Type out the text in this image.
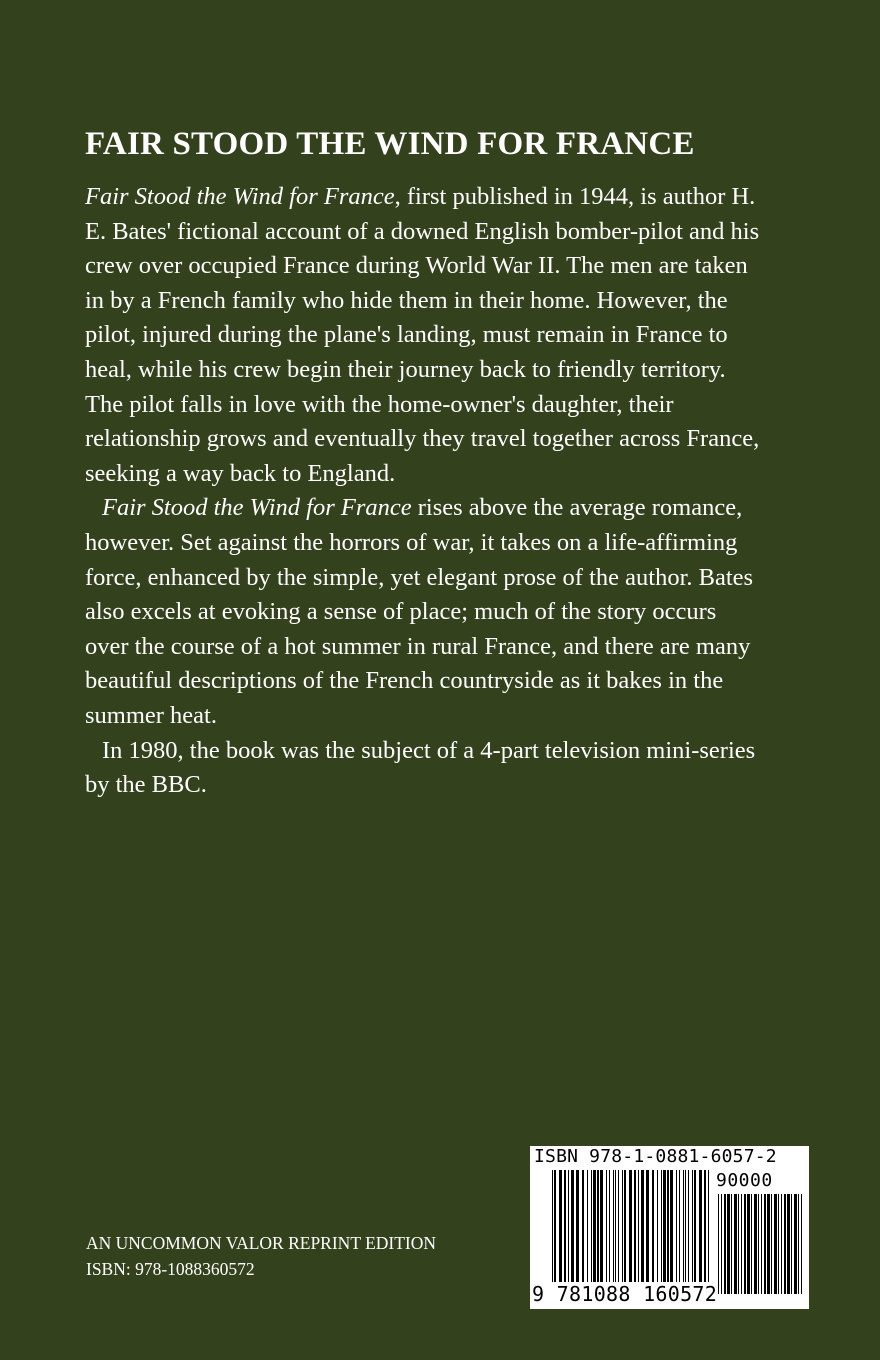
FAIR STOOD THE WIND FOR FRANCE

Fair Stood the Wind for France, first published in 1944, is author H. E. Bates' fictional account of a downed English bomber-pilot and his crew over occupied France during World War II. The men are taken in by a French family who hide them in their home. However, the pilot, injured during the plane's landing, must remain in France to heal, while his crew begin their journey back to friendly territory. The pilot falls in love with the home-owner's daughter, their relationship grows and eventually they travel together across France, seeking a way back to England.

Fair Stood the Wind for France rises above the average romance, however. Set against the horrors of war, it takes on a life-affirming force, enhanced by the simple, yet elegant prose of the author. Bates also excels at evoking a sense of place; much of the story occurs over the course of a hot summer in rural France, and there are many beautiful descriptions of the French countryside as it bakes in the summer heat.

In 1980, the book was the subject of a 4-part television mini-series by the BBC.

AN UNCOMMON VALOR REPRINT EDITION
ISBN: 978-1088360572
ISBN 978-1-0881-6057-2
90000
9 781088 160572
